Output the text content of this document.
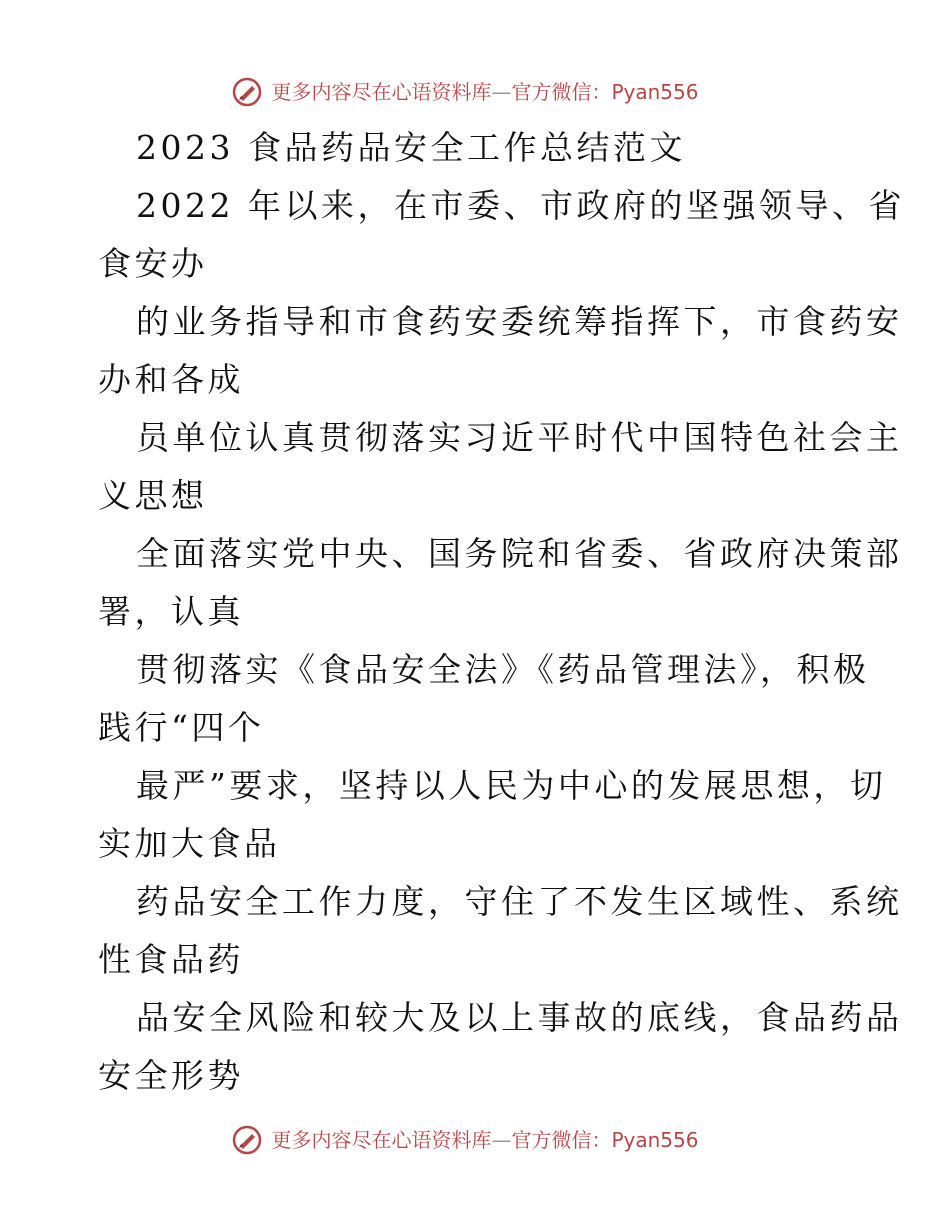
更多内容尽在心语资料库—官方微信：Pyan556
2023 食品药品安全工作总结范文
2022 年以来，在市委、市政府的坚强领导、省
食安办
的业务指导和市食药安委统筹指挥下，市食药安
办和各成
员单位认真贯彻落实习近平时代中国特色社会主
义思想
全面落实党中央、国务院和省委、省政府决策部
署，认真
贯彻落实《食品安全法》《药品管理法》，积极
践行“四个
最严”要求，坚持以人民为中心的发展思想，切
实加大食品
药品安全工作力度，守住了不发生区域性、系统
性食品药
品安全风险和较大及以上事故的底线，食品药品
安全形势
更多内容尽在心语资料库—官方微信：Pyan556
